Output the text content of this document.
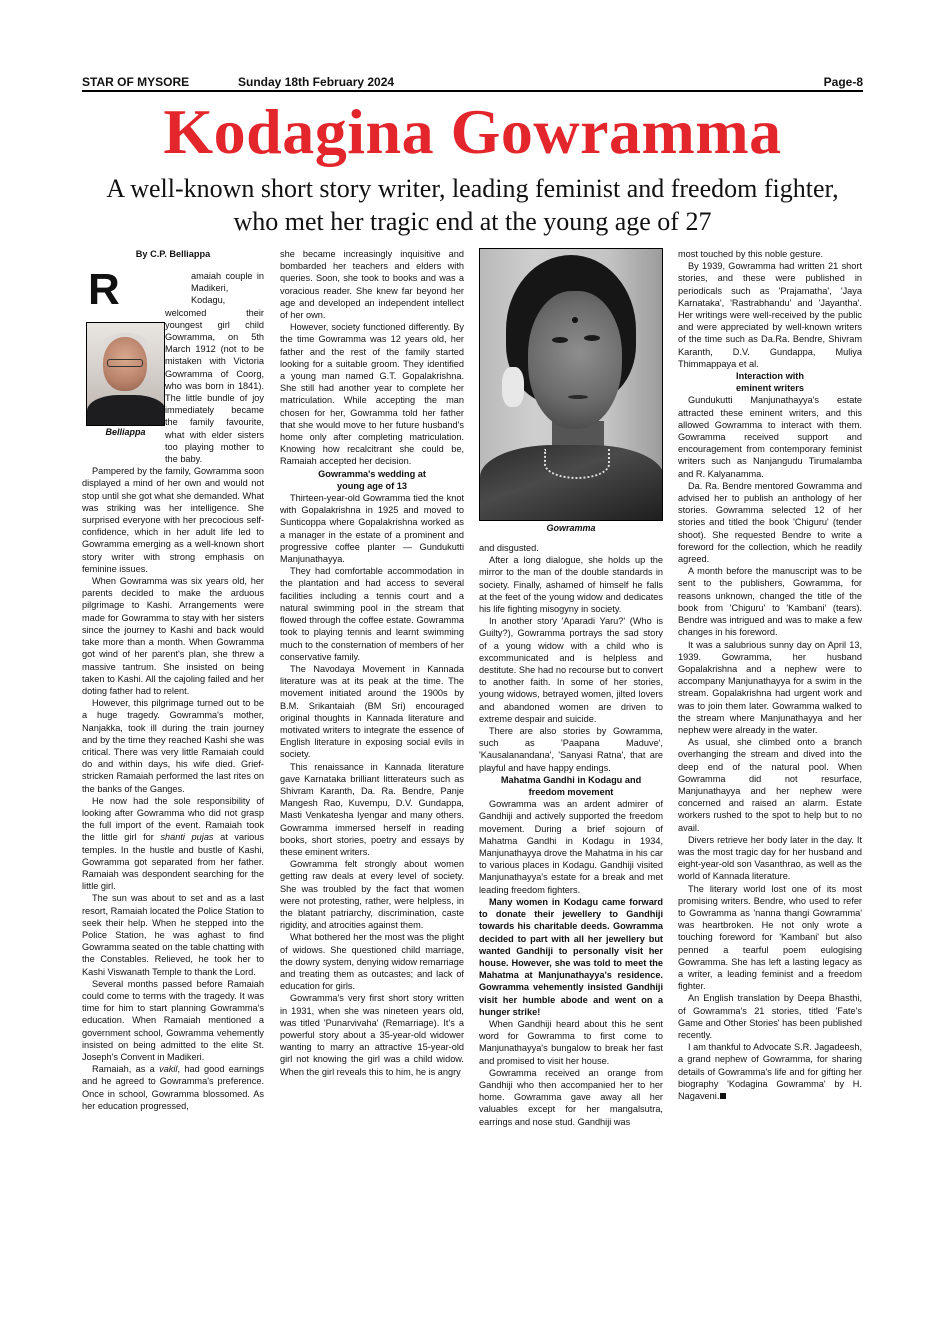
STAR OF MYSORE	Sunday 18th February 2024	Page-8
Kodagina Gowramma
A well-known short story writer, leading feminist and freedom fighter, who met her tragic end at the young age of 27
By C.P. Belliappa
Belliappa

amaiah couple in Madikeri, Kodagu, welcomed their youngest girl child Gowramma, on 5th March 1912 (not to be mistaken with Victoria Gowramma of Coorg, who was born in 1841). The little bundle of joy immediately became the family favourite, what with elder sisters too playing mother to the baby.

Pampered by the family, Gowramma soon displayed a mind of her own and would not stop until she got what she demanded. What was striking was her intelligence. She surprised everyone with her precocious self-confidence, which in her adult life led to Gowramma emerging as a well-known short story writer with strong emphasis on feminine issues.

When Gowramma was six years old, her parents decided to make the arduous pilgrimage to Kashi. Arrangements were made for Gowramma to stay with her sisters since the journey to Kashi and back would take more than a month. When Gowramma got wind of her parent's plan, she threw a massive tantrum. She insisted on being taken to Kashi. All the cajoling failed and her doting father had to relent.

However, this pilgrimage turned out to be a huge tragedy. Gowramma's mother, Nanjakka, took ill during the train journey and by the time they reached Kashi she was critical. There was very little Ramaiah could do and within days, his wife died. Grief-stricken Ramaiah performed the last rites on the banks of the Ganges.

He now had the sole responsibility of looking after Gowramma who did not grasp the full import of the event. Ramaiah took the little girl for shanti pujas at various temples. In the hustle and bustle of Kashi, Gowramma got separated from her father. Ramaiah was despondent searching for the little girl.

The sun was about to set and as a last resort, Ramaiah located the Police Station to seek their help. When he stepped into the Police Station, he was aghast to find Gowramma seated on the table chatting with the Constables. Relieved, he took her to Kashi Viswanath Temple to thank the Lord.

Several months passed before Ramaiah could come to terms with the tragedy. It was time for him to start planning Gowramma's education. When Ramaiah mentioned a government school, Gowramma vehemently insisted on being admitted to the elite St. Joseph's Convent in Madikeri.

Ramaiah, as a vakil, had good earnings and he agreed to Gowramma's preference. Once in school, Gowramma blossomed. As her education progressed,

she became increasingly inquisitive and bombarded her teachers and elders with queries. Soon, she took to books and was a voracious reader. She knew far beyond her age and developed an independent intellect of her own.

However, society functioned differently. By the time Gowramma was 12 years old, her father and the rest of the family started looking for a suitable groom. They identified a young man named G.T. Gopalakrishna. She still had another year to complete her matriculation. While accepting the man chosen for her, Gowramma told her father that she would move to her future husband's home only after completing matriculation. Knowing how recalcitrant she could be, Ramaiah accepted her decision.

Gowramma's wedding at
young age of 13

Thirteen-year-old Gowramma tied the knot with Gopalakrishna in 1925 and moved to Sunticoppa where Gopalakrishna worked as a manager in the estate of a prominent and progressive coffee planter — Gundukutti Manjunathayya.

They had comfortable accommodation in the plantation and had access to several facilities including a tennis court and a natural swimming pool in the stream that flowed through the coffee estate. Gowramma took to playing tennis and learnt swimming much to the consternation of members of her conservative family.

The Navodaya Movement in Kannada literature was at its peak at the time. The movement initiated around the 1900s by B.M. Srikantaiah (BM Sri) encouraged original thoughts in Kannada literature and motivated writers to integrate the essence of English literature in exposing social evils in society.

This renaissance in Kannada literature gave Karnataka brilliant litterateurs such as Shivram Karanth, Da. Ra. Bendre, Panje Mangesh Rao, Kuvempu, D.V. Gundappa, Masti Venkatesha Iyengar and many others. Gowramma immersed herself in reading books, short stories, poetry and essays by these eminent writers.

Gowramma felt strongly about women getting raw deals at every level of society. She was troubled by the fact that women were not protesting, rather, were helpless, in the blatant patriarchy, discrimination, caste rigidity, and atrocities against them.

What bothered her the most was the plight of widows. She questioned child marriage, the dowry system, denying widow remarriage and treating them as outcastes; and lack of education for girls.

Gowramma's very first short story written in 1931, when she was nineteen years old, was titled 'Punarvivaha' (Remarriage). It's a powerful story about a 35-year-old widower wanting to marry an attractive 15-year-old girl not knowing the girl was a child widow. When the girl reveals this to him, he is angry

Gowramma

and disgusted.

After a long dialogue, she holds up the mirror to the man of the double standards in society. Finally, ashamed of himself he falls at the feet of the young widow and dedicates his life fighting misogyny in society.

In another story 'Aparadi Yaru?' (Who is Guilty?), Gowramma portrays the sad story of a young widow with a child who is excommunicated and is helpless and destitute. She had no recourse but to convert to another faith. In some of her stories, young widows, betrayed women, jilted lovers and abandoned women are driven to extreme despair and suicide.

There are also stories by Gowramma, such as 'Paapana Maduve', 'Kausalanandana', 'Sanyasi Ratna', that are playful and have happy endings.

Mahatma Gandhi in Kodagu and
freedom movement

Gowramma was an ardent admirer of Gandhiji and actively supported the freedom movement. During a brief sojourn of Mahatma Gandhi in Kodagu in 1934, Manjunathayya drove the Mahatma in his car to various places in Kodagu. Gandhiji visited Manjunathayya's estate for a break and met leading freedom fighters.

Many women in Kodagu came forward to donate their jewellery to Gandhiji towards his charitable deeds. Gowramma decided to part with all her jewellery but wanted Gandhiji to personally visit her house. However, she was told to meet the Mahatma at Manjunathayya's residence. Gowramma vehemently insisted Gandhiji visit her humble abode and went on a hunger strike!

When Gandhiji heard about this he sent word for Gowramma to first come to Manjunathayya's bungalow to break her fast and promised to visit her house.

Gowramma received an orange from Gandhiji who then accompanied her to her home. Gowramma gave away all her valuables except for her mangalsutra, earrings and nose stud. Gandhiji was

most touched by this noble gesture.

By 1939, Gowramma had written 21 short stories, and these were published in periodicals such as 'Prajamatha', 'Jaya Karnataka', 'Rastrabhandu' and 'Jayantha'. Her writings were well-received by the public and were appreciated by well-known writers of the time such as Da.Ra. Bendre, Shivram Karanth, D.V. Gundappa, Muliya Thimmappaya et al.

Interaction with
eminent writers

Gundukutti Manjunathayya's estate attracted these eminent writers, and this allowed Gowramma to interact with them. Gowramma received support and encouragement from contemporary feminist writers such as Nanjangudu Tirumalamba and R. Kalyanamma.

Da. Ra. Bendre mentored Gowramma and advised her to publish an anthology of her stories. Gowramma selected 12 of her stories and titled the book 'Chiguru' (tender shoot). She requested Bendre to write a foreword for the collection, which he readily agreed.

A month before the manuscript was to be sent to the publishers, Gowramma, for reasons unknown, changed the title of the book from 'Chiguru' to 'Kambani' (tears). Bendre was intrigued and was to make a few changes in his foreword.

It was a salubrious sunny day on April 13, 1939. Gowramma, her husband Gopalakrishna and a nephew were to accompany Manjunathayya for a swim in the stream. Gopalakrishna had urgent work and was to join them later. Gowramma walked to the stream where Manjunathayya and her nephew were already in the water.

As usual, she climbed onto a branch overhanging the stream and dived into the deep end of the natural pool. When Gowramma did not resurface, Manjunathayya and her nephew were concerned and raised an alarm. Estate workers rushed to the spot to help but to no avail.

Divers retrieve her body later in the day. It was the most tragic day for her husband and eight-year-old son Vasanthrao, as well as the world of Kannada literature.

The literary world lost one of its most promising writers. Bendre, who used to refer to Gowramma as 'nanna thangi Gowramma' was heartbroken. He not only wrote a touching foreword for 'Kambani' but also penned a tearful poem eulogising Gowramma. She has left a lasting legacy as a writer, a leading feminist and a freedom fighter.

An English translation by Deepa Bhasthi, of Gowramma's 21 stories, titled 'Fate's Game and Other Stories' has been published recently.

I am thankful to Advocate S.R. Jagadeesh, a grand nephew of Gowramma, for sharing details of Gowramma's life and for gifting her biography 'Kodagina Gowramma' by H. Nagaveni.

R
